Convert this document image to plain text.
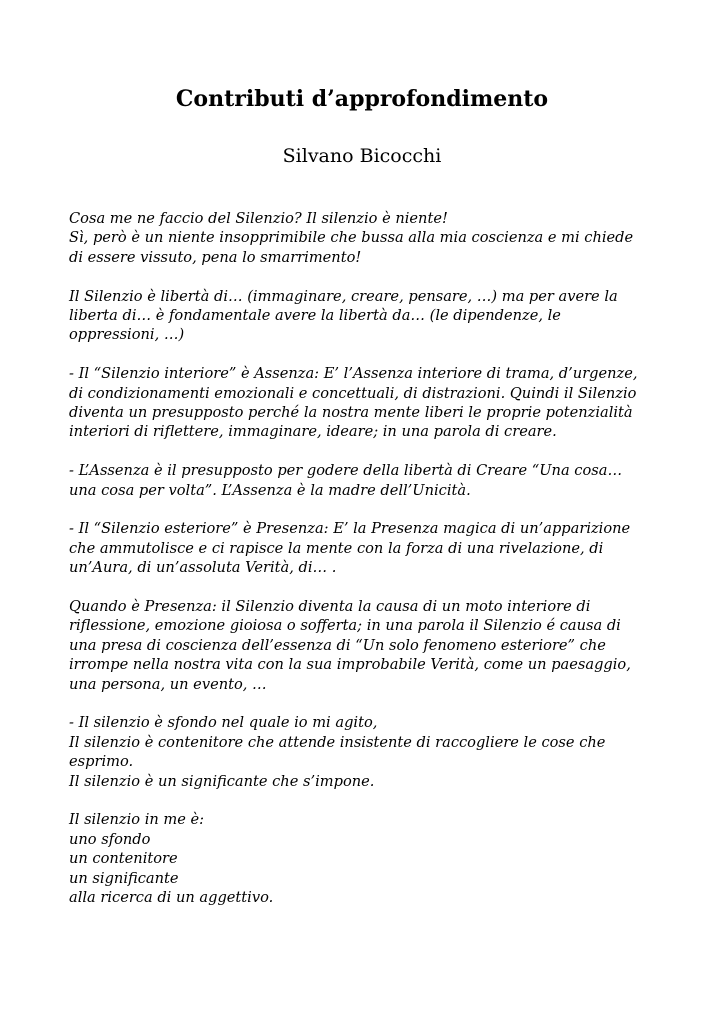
Contributi d’approfondimento
Silvano Bicocchi

Cosa me ne faccio del Silenzio? Il silenzio è niente!
Sì, però è un niente insopprimibile che bussa alla mia coscienza e mi chiede
di essere vissuto, pena lo smarrimento!

Il Silenzio è libertà di… (immaginare, creare, pensare, …) ma per avere la
liberta di… è fondamentale avere la libertà da… (le dipendenze, le
oppressioni, …)

- Il “Silenzio interiore” è Assenza: E’ l’Assenza interiore di trama, d’urgenze,
di condizionamenti emozionali e concettuali, di distrazioni. Quindi il Silenzio
diventa un presupposto perché la nostra mente liberi le proprie potenzialità
interiori di riflettere, immaginare, ideare; in una parola di creare.

- L’Assenza è il presupposto per godere della libertà di Creare “Una cosa…
una cosa per volta”. L’Assenza è la madre dell’Unicità.

- Il “Silenzio esteriore” è Presenza: E’ la Presenza magica di un’apparizione
che ammutolisce e ci rapisce la mente con la forza di una rivelazione, di
un’Aura, di un’assoluta Verità, di… .

Quando è Presenza: il Silenzio diventa la causa di un moto interiore di
riflessione, emozione gioiosa o sofferta; in una parola il Silenzio é causa di
una presa di coscienza dell’essenza di “Un solo fenomeno esteriore” che
irrompe nella nostra vita con la sua improbabile Verità, come un paesaggio,
una persona, un evento, …

- Il silenzio è sfondo nel quale io mi agito,
Il silenzio è contenitore che attende insistente di raccogliere le cose che
esprimo.
Il silenzio è un significante che s’impone.

Il silenzio in me è:
uno sfondo
un contenitore
un significante
alla ricerca di un aggettivo.
